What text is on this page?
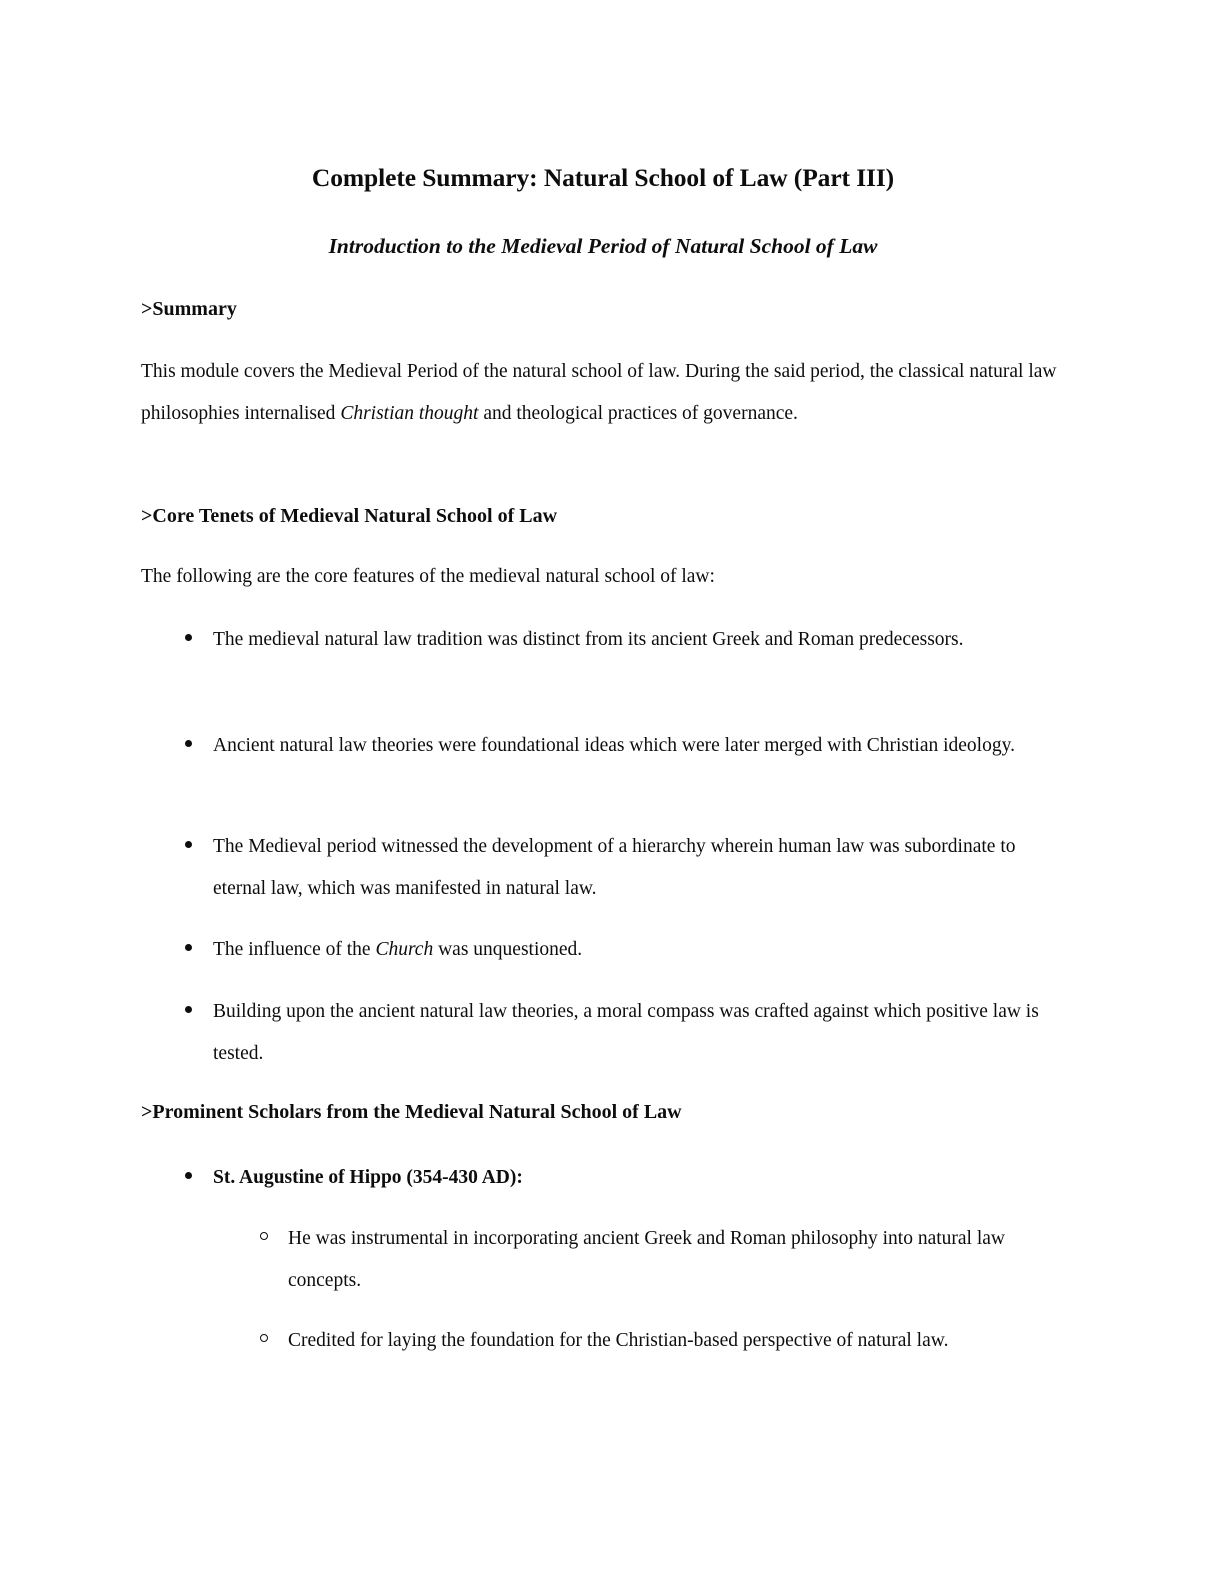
Complete Summary: Natural School of Law (Part III)
Introduction to the Medieval Period of Natural School of Law
>Summary

This module covers the Medieval Period of the natural school of law. During the said period, the classical natural law philosophies internalised Christian thought and theological practices of governance.

>Core Tenets of Medieval Natural School of Law

The following are the core features of the medieval natural school of law:

The medieval natural law tradition was distinct from its ancient Greek and Roman predecessors.
Ancient natural law theories were foundational ideas which were later merged with Christian ideology.
The Medieval period witnessed the development of a hierarchy wherein human law was subordinate to eternal law, which was manifested in natural law.
The influence of the Church was unquestioned.
Building upon the ancient natural law theories, a moral compass was crafted against which positive law is tested.
>Prominent Scholars from the Medieval Natural School of Law
St. Augustine of Hippo (354-430 AD):
He was instrumental in incorporating ancient Greek and Roman philosophy into natural law concepts.
Credited for laying the foundation for the Christian-based perspective of natural law.
